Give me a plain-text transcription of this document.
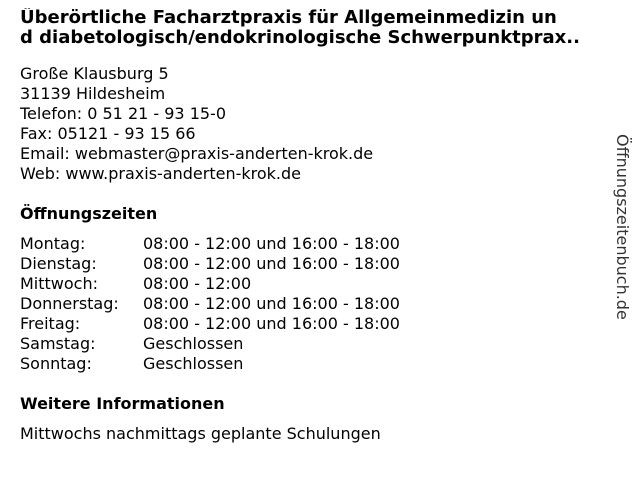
Überörtliche Facharztpraxis für Allgemeinmedizin un
d diabetologisch/endokrinologische Schwerpunktprax..
Große Klausburg 5
31139 Hildesheim
Telefon: 0 51 21 - 93 15-0
Fax: 05121 - 93 15 66
Email: webmaster@praxis-anderten-krok.de
Web: www.praxis-anderten-krok.de
Öffnungszeiten
Montag:	08:00 - 12:00 und 16:00 - 18:00
Dienstag:	08:00 - 12:00 und 16:00 - 18:00
Mittwoch:	08:00 - 12:00
Donnerstag: 08:00 - 12:00 und 16:00 - 18:00
Freitag:	08:00 - 12:00 und 16:00 - 18:00
Samstag:	Geschlossen
Sonntag:	Geschlossen
Weitere Informationen
Mittwochs nachmittags geplante Schulungen
Öffnungszeitenbuch.de
